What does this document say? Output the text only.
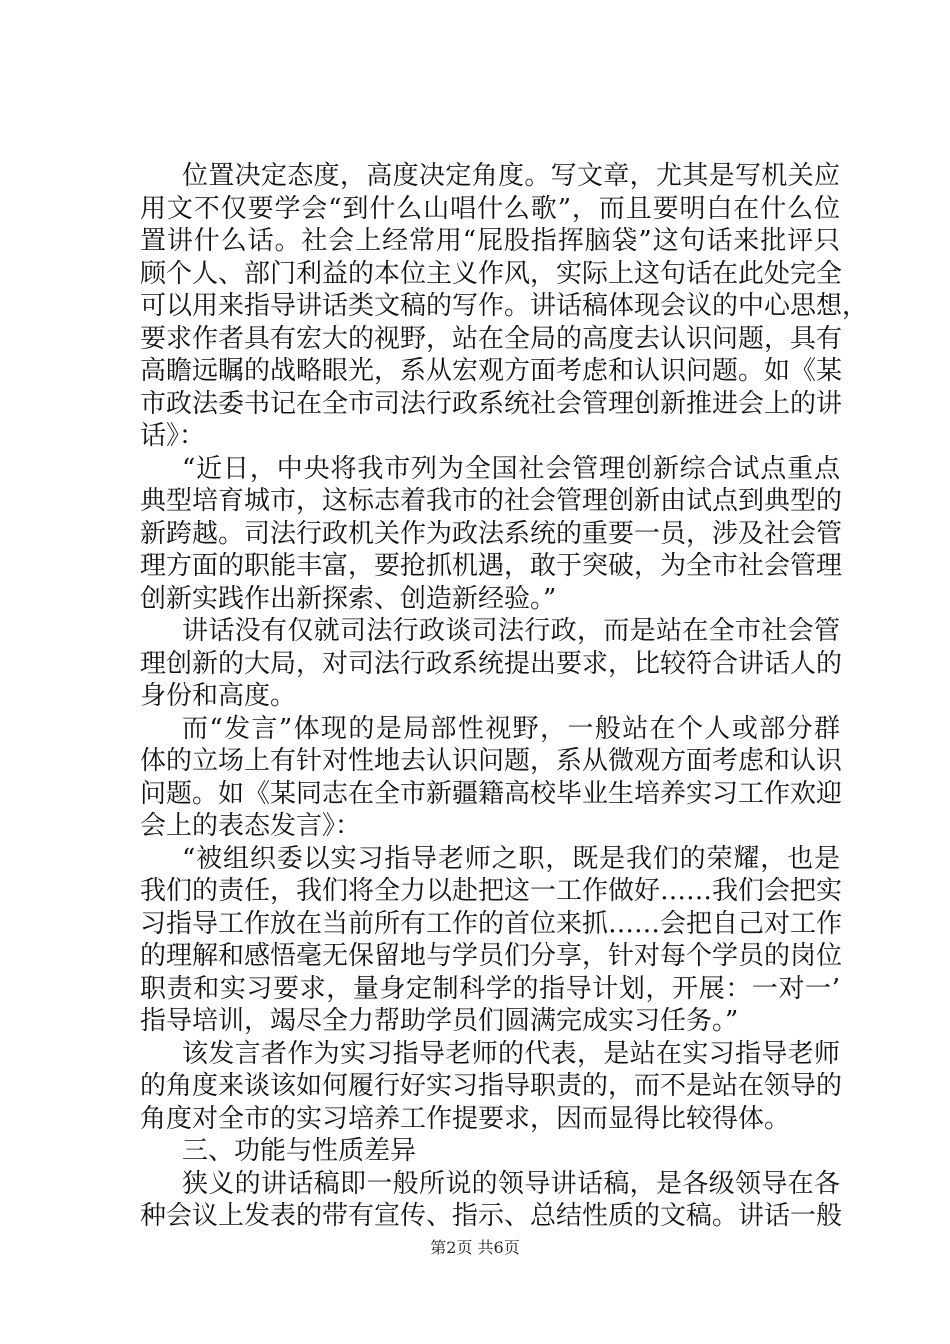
位置决定态度，高度决定角度。写文章，尤其是写机关应
用文不仅要学会“到什么山唱什么歌”，而且要明白在什么位
置讲什么话。社会上经常用“屁股指挥脑袋”这句话来批评只
顾个人、部门利益的本位主义作风，实际上这句话在此处完全
可以用来指导讲话类文稿的写作。讲话稿体现会议的中心思想，
要求作者具有宏大的视野，站在全局的高度去认识问题，具有
高瞻远瞩的战略眼光，系从宏观方面考虑和认识问题。如《某
市政法委书记在全市司法行政系统社会管理创新推进会上的讲
话》：
“近日，中央将我市列为全国社会管理创新综合试点重点
典型培育城市，这标志着我市的社会管理创新由试点到典型的
新跨越。司法行政机关作为政法系统的重要一员，涉及社会管
理方面的职能丰富，要抢抓机遇，敢于突破，为全市社会管理
创新实践作出新探索、创造新经验。”
讲话没有仅就司法行政谈司法行政，而是站在全市社会管
理创新的大局，对司法行政系统提出要求，比较符合讲话人的
身份和高度。
而“发言”体现的是局部性视野，一般站在个人或部分群
体的立场上有针对性地去认识问题，系从微观方面考虑和认识
问题。如《某同志在全市新疆籍高校毕业生培养实习工作欢迎
会上的表态发言》：
“被组织委以实习指导老师之职，既是我们的荣耀，也是
我们的责任，我们将全力以赴把这一工作做好……我们会把实
习指导工作放在当前所有工作的首位来抓……会把自己对工作
的理解和感悟毫无保留地与学员们分享，针对每个学员的岗位
职责和实习要求，量身定制科学的指导计划，开展：一对一’
指导培训，竭尽全力帮助学员们圆满完成实习任务。”
该发言者作为实习指导老师的代表，是站在实习指导老师
的角度来谈该如何履行好实习指导职责的，而不是站在领导的
角度对全市的实习培养工作提要求，因而显得比较得体。
三、功能与性质差异
狭义的讲话稿即一般所说的领导讲话稿，是各级领导在各
种会议上发表的带有宣传、指示、总结性质的文稿。讲话一般
第2页 共6页
